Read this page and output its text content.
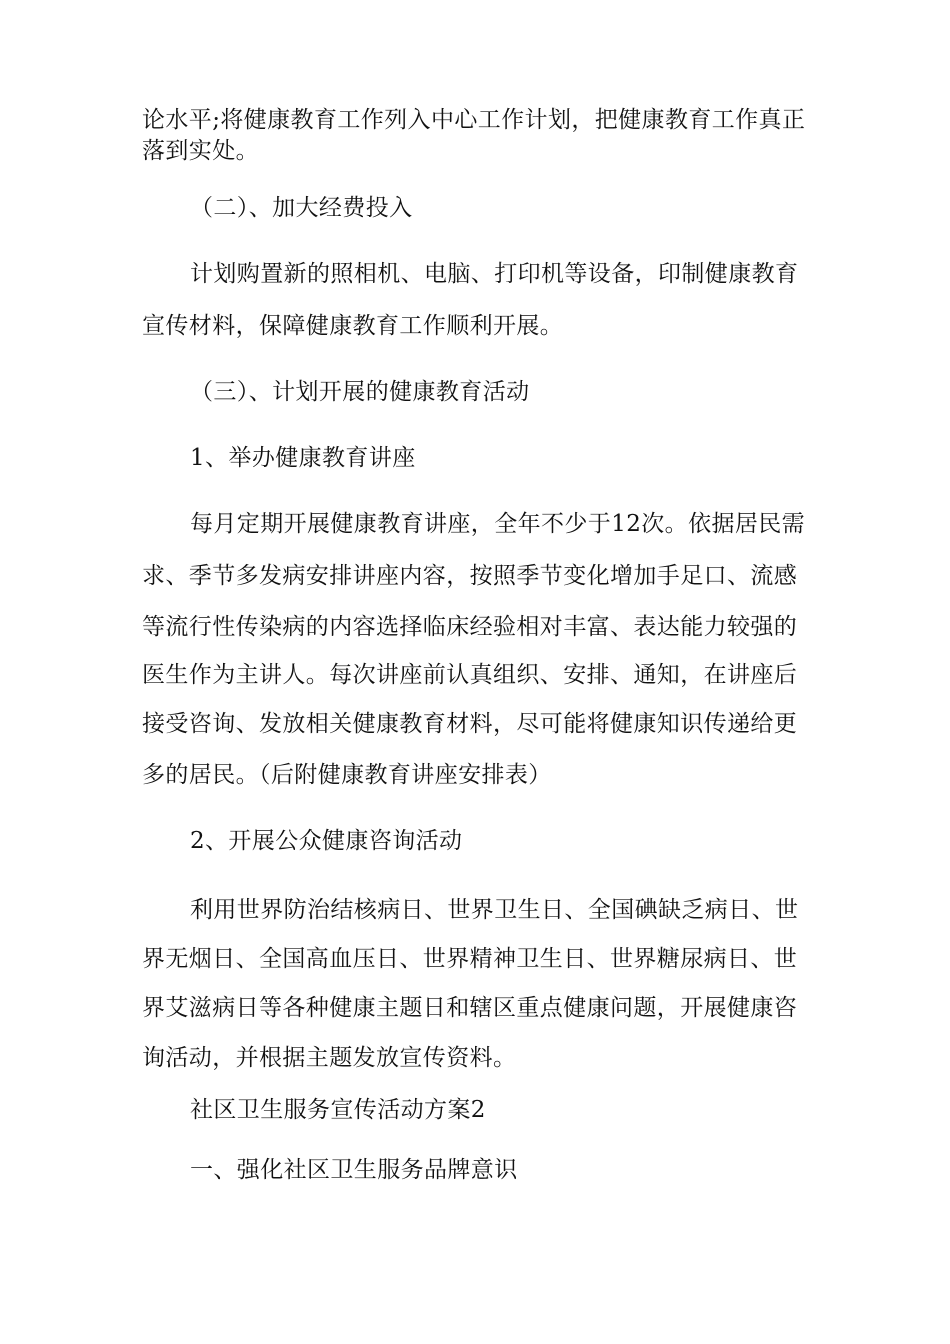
论水平;将健康教育工作列入中心工作计划，把健康教育工作真正
落到实处。
（二）、加大经费投入
计划购置新的照相机、电脑、打印机等设备，印制健康教育
宣传材料，保障健康教育工作顺利开展。
（三）、计划开展的健康教育活动
1、举办健康教育讲座
每月定期开展健康教育讲座，全年不少于12次。依据居民需
求、季节多发病安排讲座内容，按照季节变化增加手足口、流感
等流行性传染病的内容选择临床经验相对丰富、表达能力较强的
医生作为主讲人。每次讲座前认真组织、安排、通知，在讲座后
接受咨询、发放相关健康教育材料，尽可能将健康知识传递给更
多的居民。（后附健康教育讲座安排表）
2、开展公众健康咨询活动
利用世界防治结核病日、世界卫生日、全国碘缺乏病日、世
界无烟日、全国高血压日、世界精神卫生日、世界糖尿病日、世
界艾滋病日等各种健康主题日和辖区重点健康问题，开展健康咨
询活动，并根据主题发放宣传资料。
社区卫生服务宣传活动方案2
一、强化社区卫生服务品牌意识
